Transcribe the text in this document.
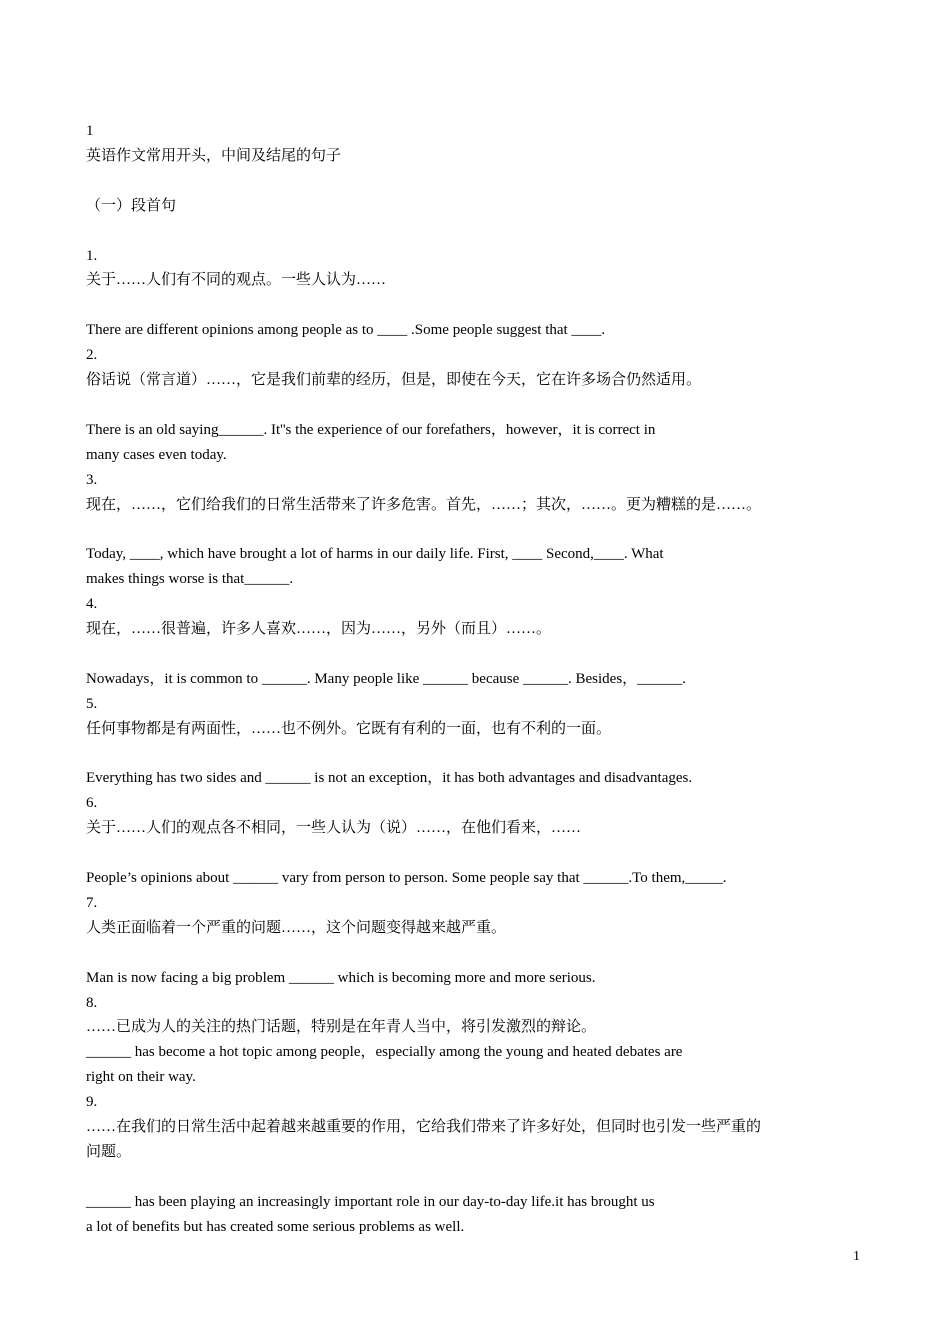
1
英语作文常用开头，中间及结尾的句子
（一）段首句
1.
关于……人们有不同的观点。一些人认为……
There are different opinions among people as to ____ .Some people suggest that ____.
2.
俗话说（常言道）……，它是我们前辈的经历，但是，即使在今天，它在许多场合仍然适用。
There is an old saying______. It''s the experience of our forefathers，however，it is correct in
many cases even today.
3.
现在，……，它们给我们的日常生活带来了许多危害。首先，……；其次，……。更为糟糕的是……。
Today, ____, which have brought a lot of harms in our daily life. First, ____ Second,____. What
makes things worse is that______.
4.
现在，……很普遍，许多人喜欢……，因为……，另外（而且）……。
Nowadays，it is common to ______. Many people like ______ because ______. Besides，______.
5.
任何事物都是有两面性，……也不例外。它既有有利的一面，也有不利的一面。
Everything has two sides and ______ is not an exception，it has both advantages and disadvantages.
6.
关于……人们的观点各不相同，一些人认为（说）……，在他们看来，……
People’s opinions about ______ vary from person to person. Some people say that ______.To them,_____.
7.
人类正面临着一个严重的问题……，这个问题变得越来越严重。
Man is now facing a big problem ______ which is becoming more and more serious.
8.
……已成为人的关注的热门话题，特别是在年青人当中，将引发激烈的辩论。
______ has become a hot topic among people，especially among the young and heated debates are
right on their way.
9.
……在我们的日常生活中起着越来越重要的作用，它给我们带来了许多好处，但同时也引发一些严重的
问题。
______ has been playing an increasingly important role in our day-to-day life.it has brought us
a lot of benefits but has created some serious problems as well.
1
